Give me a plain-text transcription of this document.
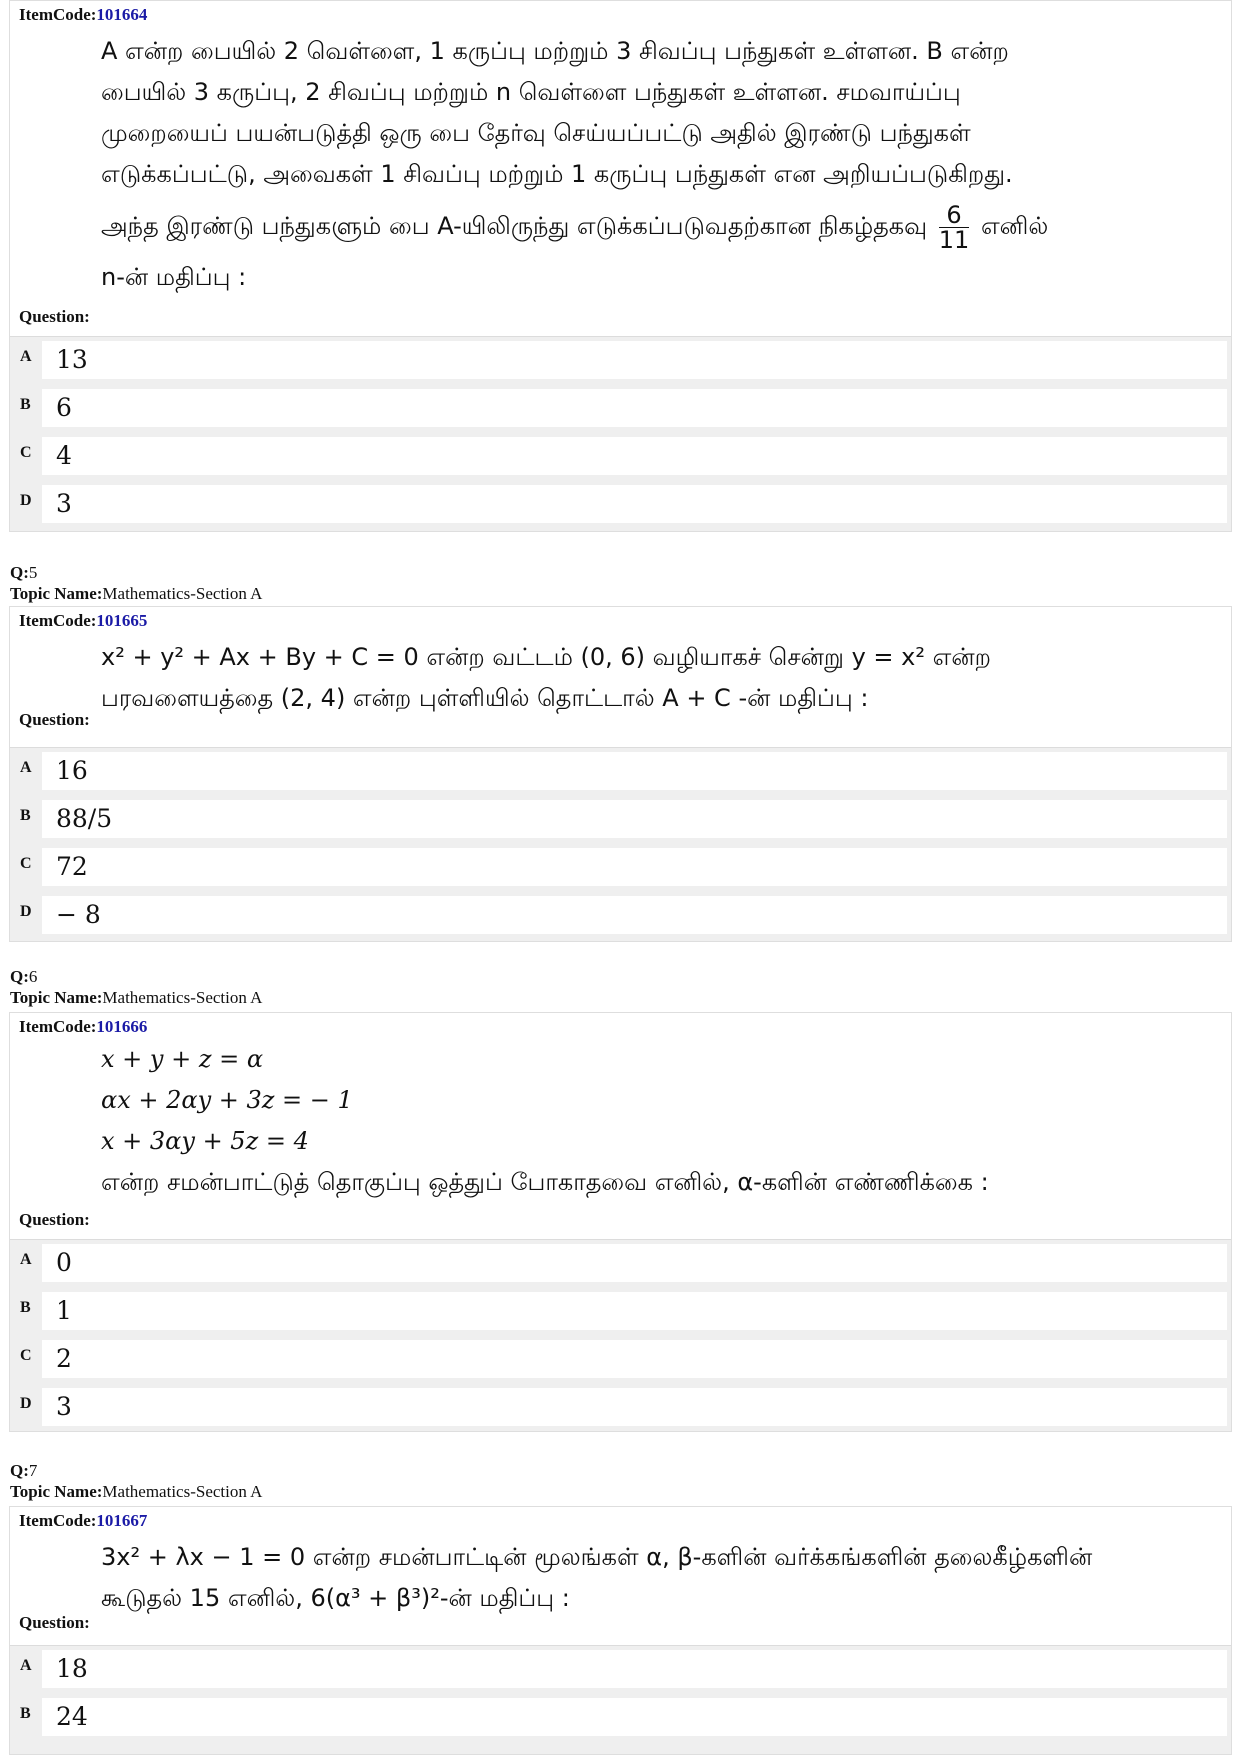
ItemCode:101664
A என்ற பையில் 2 வெள்ளை, 1 கருப்பு மற்றும் 3 சிவப்பு பந்துகள் உள்ளன. B என்ற
பையில் 3 கருப்பு, 2 சிவப்பு மற்றும் n வெள்ளை பந்துகள் உள்ளன. சமவாய்ப்பு
முறையைப் பயன்படுத்தி ஒரு பை தேர்வு செய்யப்பட்டு அதில் இரண்டு பந்துகள்
எடுக்கப்பட்டு, அவைகள் 1 சிவப்பு மற்றும் 1 கருப்பு பந்துகள் என அறியப்படுகிறது.
அந்த இரண்டு பந்துகளும் பை A-யிலிருந்து எடுக்கப்படுவதற்கான நிகழ்தகவு $\frac{6}{11}$ எனில்
n-ன் மதிப்பு :
Question:
A 13
B	6
C 4
D 3
Q:5
Topic Name:Mathematics-Section A
ItemCode:101665
x² + y² + Ax + By + C = 0 என்ற வட்டம் (0, 6) வழியாகச் சென்று y = x² என்ற
பரவளையத்தை (2, 4) என்ற புள்ளியில் தொட்டால் A + C -ன் மதிப்பு :
Question:
A 16
B	88/5
C 72
D − 8
Q:6
Topic Name:Mathematics-Section A
ItemCode:101666
x + y + z = α
αx + 2αy + 3z = − 1
x + 3αy + 5z = 4
என்ற சமன்பாட்டுத் தொகுப்பு ஒத்துப் போகாதவை எனில், α-களின் எண்ணிக்கை :
Question:
A 0
B	1
C 2
D 3
Q:7
Topic Name:Mathematics-Section A
ItemCode:101667
3x² + λx − 1 = 0 என்ற சமன்பாட்டின் மூலங்கள் α, β-களின் வர்க்கங்களின் தலைகீழ்களின்
கூடுதல் 15 எனில், 6(α³ + β³)²-ன் மதிப்பு :
Question:
A 18
B	24
